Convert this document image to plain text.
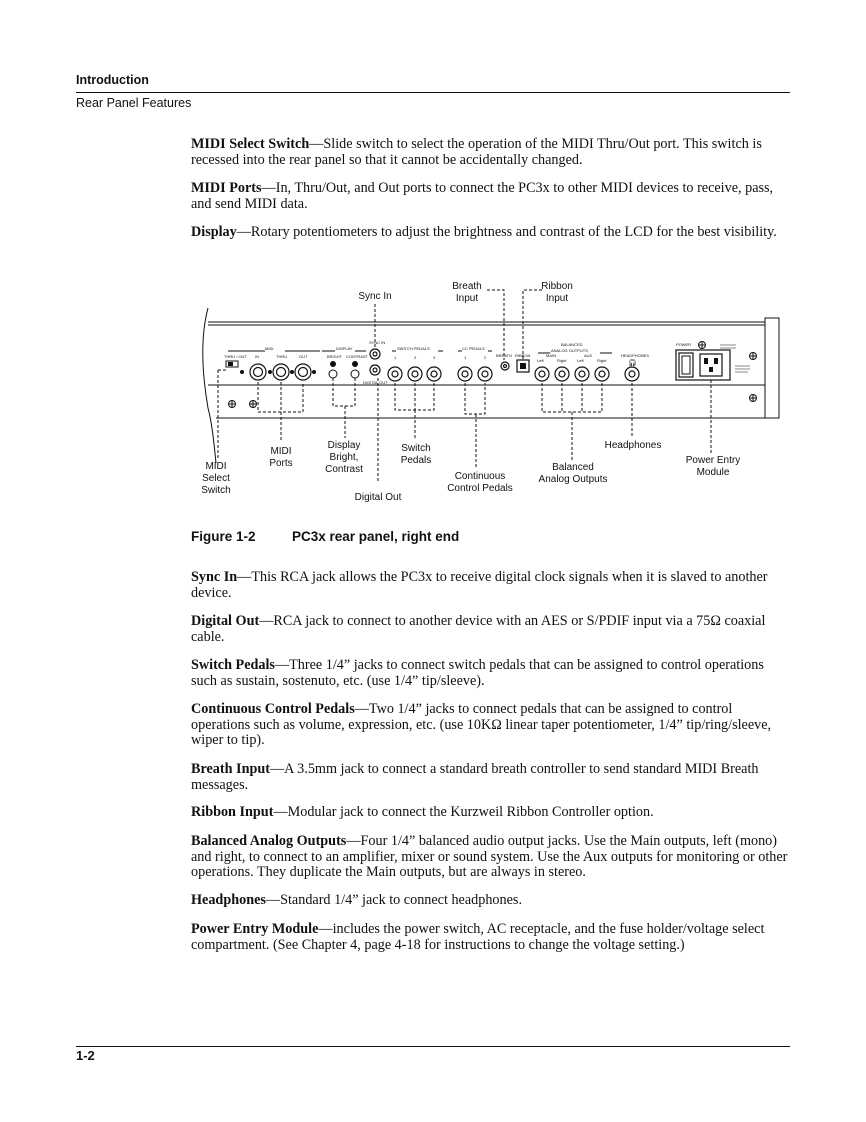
Introduction
Rear Panel Features

MIDI Select Switch—Slide switch to select the operation of the MIDI Thru/Out port. This switch is recessed into the rear panel so that it cannot be accidentally changed.

MIDI Ports—In, Thru/Out, and Out ports to connect the PC3x to other MIDI devices to receive, pass, and send MIDI data.

Display—Rotary potentiometers to adjust the brightness and contrast of the LCD for the best visibility.

MIDI
THRU / OUT IN	THRU	OUT
DISPLAY
BRIGHT CONTRAST
SYNC IN
DIGITAL OUT
SWITCH PEDALS
1	2	3
CC PEDALS
1	2 BREATH RIBBON
BALANCED
ANALOG OUTPUTS
MAIN	AUX
Left	Right	Left	Right
HEADPHONES
POWER
🎧︎
Sync In
Breath
Input
Ribbon
Input
MIDI
Select
Switch
MIDI
Ports
Display
Bright,
Contrast
Digital Out
Switch
Pedals
Continuous
Control Pedals
Balanced
Analog Outputs
Headphones
Power Entry
Module
Figure 1-2	PC3x rear panel, right end

Sync In—This RCA jack allows the PC3x to receive digital clock signals when it is slaved to another device.

Digital Out—RCA jack to connect to another device with an AES or S/PDIF input via a 75Ω coaxial cable.

Switch Pedals—Three 1/4” jacks to connect switch pedals that can be assigned to control operations such as sustain, sostenuto, etc. (use 1/4” tip/sleeve).

Continuous Control Pedals—Two 1/4” jacks to connect pedals that can be assigned to control operations such as volume, expression, etc. (use 10KΩ linear taper potentiometer, 1/4” tip/ring/sleeve, wiper to tip).

Breath Input—A 3.5mm jack to connect a standard breath controller to send standard MIDI Breath messages.

Ribbon Input—Modular jack to connect the Kurzweil Ribbon Controller option.

Balanced Analog Outputs—Four 1/4” balanced audio output jacks. Use the Main outputs, left (mono) and right, to connect to an amplifier, mixer or sound system. Use the Aux outputs for monitoring or other operations. They duplicate the Main outputs, but are always in stereo.

Headphones—Standard 1/4” jack to connect headphones.

Power Entry Module—includes the power switch, AC receptacle, and the fuse holder/voltage select compartment. (See Chapter 4, page 4-18 for instructions to change the voltage setting.)

1-2
